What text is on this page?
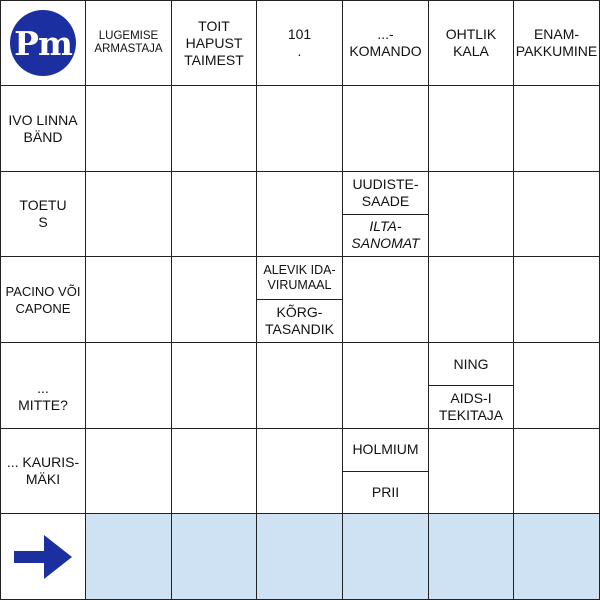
Pm	LUGEMISE
ARMASTAJA
TOIT
HAPUST
TAIMEST
101
.
...-
KOMANDO
OHTLIK
KALA
ENAM-
PAKKUMINE
IVO LINNA
BÄND
TOETU
S
UUDISTE-
SAADE
ILTA-
SANOMAT
PACINO VÕI
CAPONE
ALEVIK IDA-
VIRUMAAL
KÕRG-
TASANDIK
...
MITTE?
NING
AIDS-I
TEKITAJA
... KAURIS-
MÄKI
HOLMIUM
PRII
